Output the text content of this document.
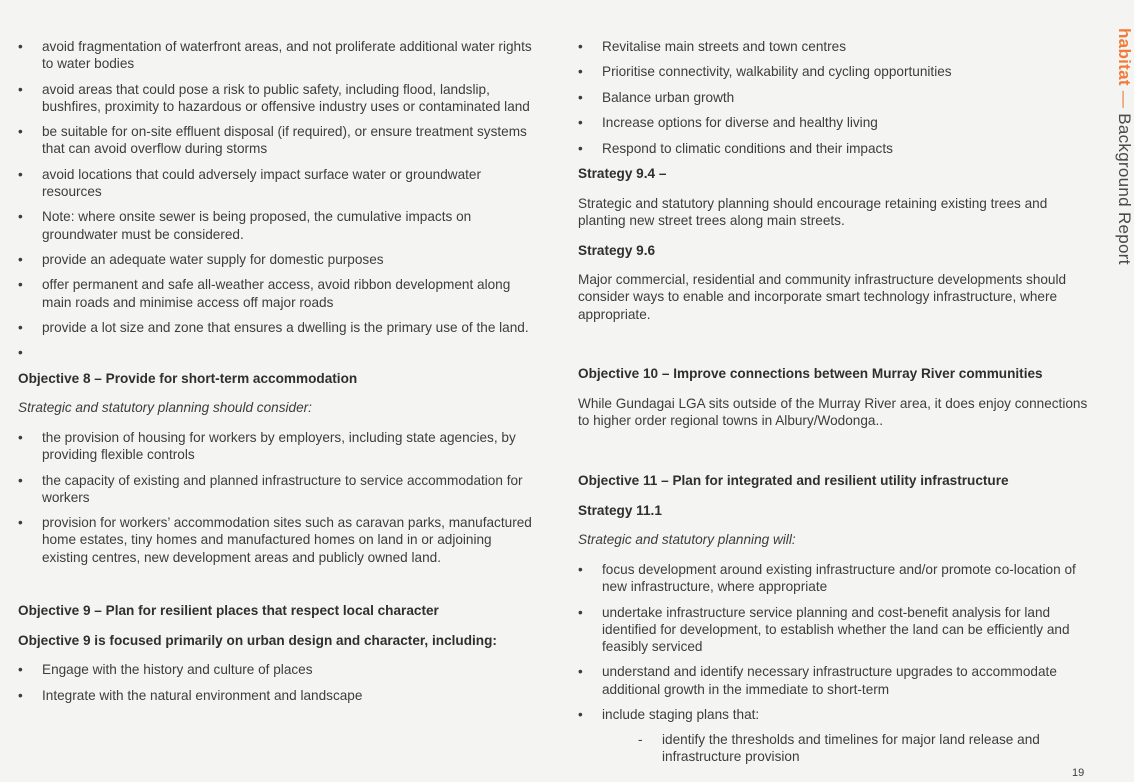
• avoid fragmentation of waterfront areas, and not proliferate additional water rights to water bodies
• avoid areas that could pose a risk to public safety, including flood, landslip, bushfires, proximity to hazardous or offensive industry uses or contaminated land
• be suitable for on-site effluent disposal (if required), or ensure treatment systems that can avoid overflow during storms
• avoid locations that could adversely impact surface water or groundwater resources
• Note: where onsite sewer is being proposed, the cumulative impacts on groundwater must be considered.
• provide an adequate water supply for domestic purposes
• offer permanent and safe all-weather access, avoid ribbon development along main roads and minimise access off major roads
• provide a lot size and zone that ensures a dwelling is the primary use of the land.
•
Objective 8 – Provide for short-term accommodation
Strategic and statutory planning should consider:
• the provision of housing for workers by employers, including state agencies, by providing flexible controls
• the capacity of existing and planned infrastructure to service accommodation for workers
• provision for workers’ accommodation sites such as caravan parks, manufactured home estates, tiny homes and manufactured homes on land in or adjoining existing centres, new development areas and publicly owned land.
Objective 9 – Plan for resilient places that respect local character
Objective 9 is focused primarily on urban design and character, including:
• Engage with the history and culture of places
• Integrate with the natural environment and landscape
• Revitalise main streets and town centres
• Prioritise connectivity, walkability and cycling opportunities
• Balance urban growth
• Increase options for diverse and healthy living
• Respond to climatic conditions and their impacts
Strategy 9.4 –
Strategic and statutory planning should encourage retaining existing trees and planting new street trees along main streets.
Strategy 9.6
Major commercial, residential and community infrastructure developments should consider ways to enable and incorporate smart technology infrastructure, where appropriate.
Objective 10 – Improve connections between Murray River communities
While Gundagai LGA sits outside of the Murray River area, it does enjoy connections to higher order regional towns in Albury/Wodonga..
Objective 11 – Plan for integrated and resilient utility infrastructure
Strategy 11.1
Strategic and statutory planning will:
• focus development around existing infrastructure and/or promote co-location of new infrastructure, where appropriate
• undertake infrastructure service planning and cost-benefit analysis for land identified for development, to establish whether the land can be efficiently and feasibly serviced
• understand and identify necessary infrastructure upgrades to accommodate additional growth in the immediate to short-term
• include staging plans that:
- identify the thresholds and timelines for major land release and infrastructure provision
habitat — Background Report
19
